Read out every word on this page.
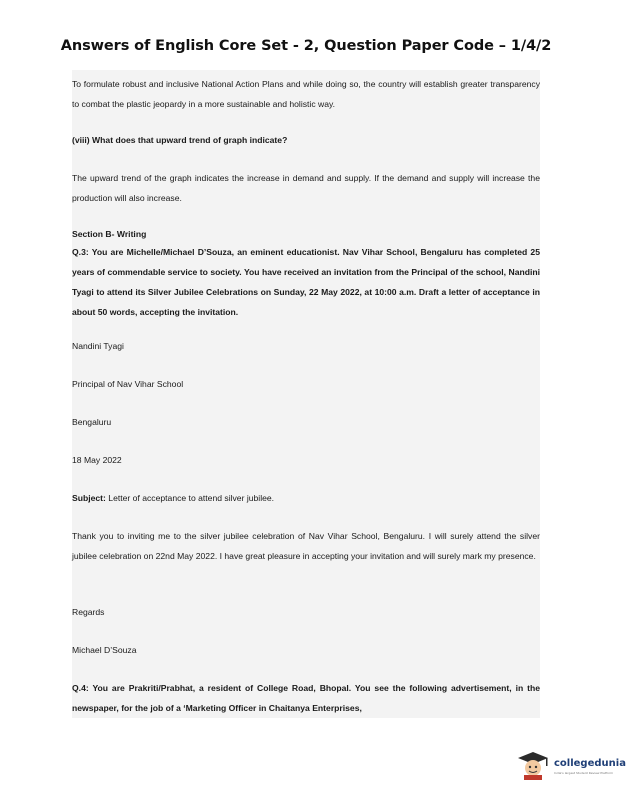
Answers of English Core Set - 2, Question Paper Code – 1/4/2

To formulate robust and inclusive National Action Plans and while doing so, the country will establish greater transparency to combat the plastic jeopardy in a more sustainable and holistic way.

(viii) What does that upward trend of graph indicate?

The upward trend of the graph indicates the increase in demand and supply. If the demand and supply will increase the production will also increase.

Section B- Writing

Q.3: You are Michelle/Michael D’Souza, an eminent educationist. Nav Vihar School, Bengaluru has completed 25 years of commendable service to society. You have received an invitation from the Principal of the school, Nandini Tyagi to attend its Silver Jubilee Celebrations on Sunday, 22 May 2022, at 10:00 a.m. Draft a letter of acceptance in about 50 words, accepting the invitation.

Nandini Tyagi

Principal of Nav Vihar School

Bengaluru

18 May 2022

Subject: Letter of acceptance to attend silver jubilee.

Thank you to inviting me to the silver jubilee celebration of Nav Vihar School, Bengaluru. I will surely attend the silver jubilee celebration on 22nd May 2022. I have great pleasure in accepting your invitation and will surely mark my presence.

Regards

Michael D’Souza

Q.4: You are Prakriti/Prabhat, a resident of College Road, Bhopal. You see the following advertisement, in the newspaper, for the job of a ‘Marketing Officer in Chaitanya Enterprises,

collegedunia
India's largest Student Review Platform
